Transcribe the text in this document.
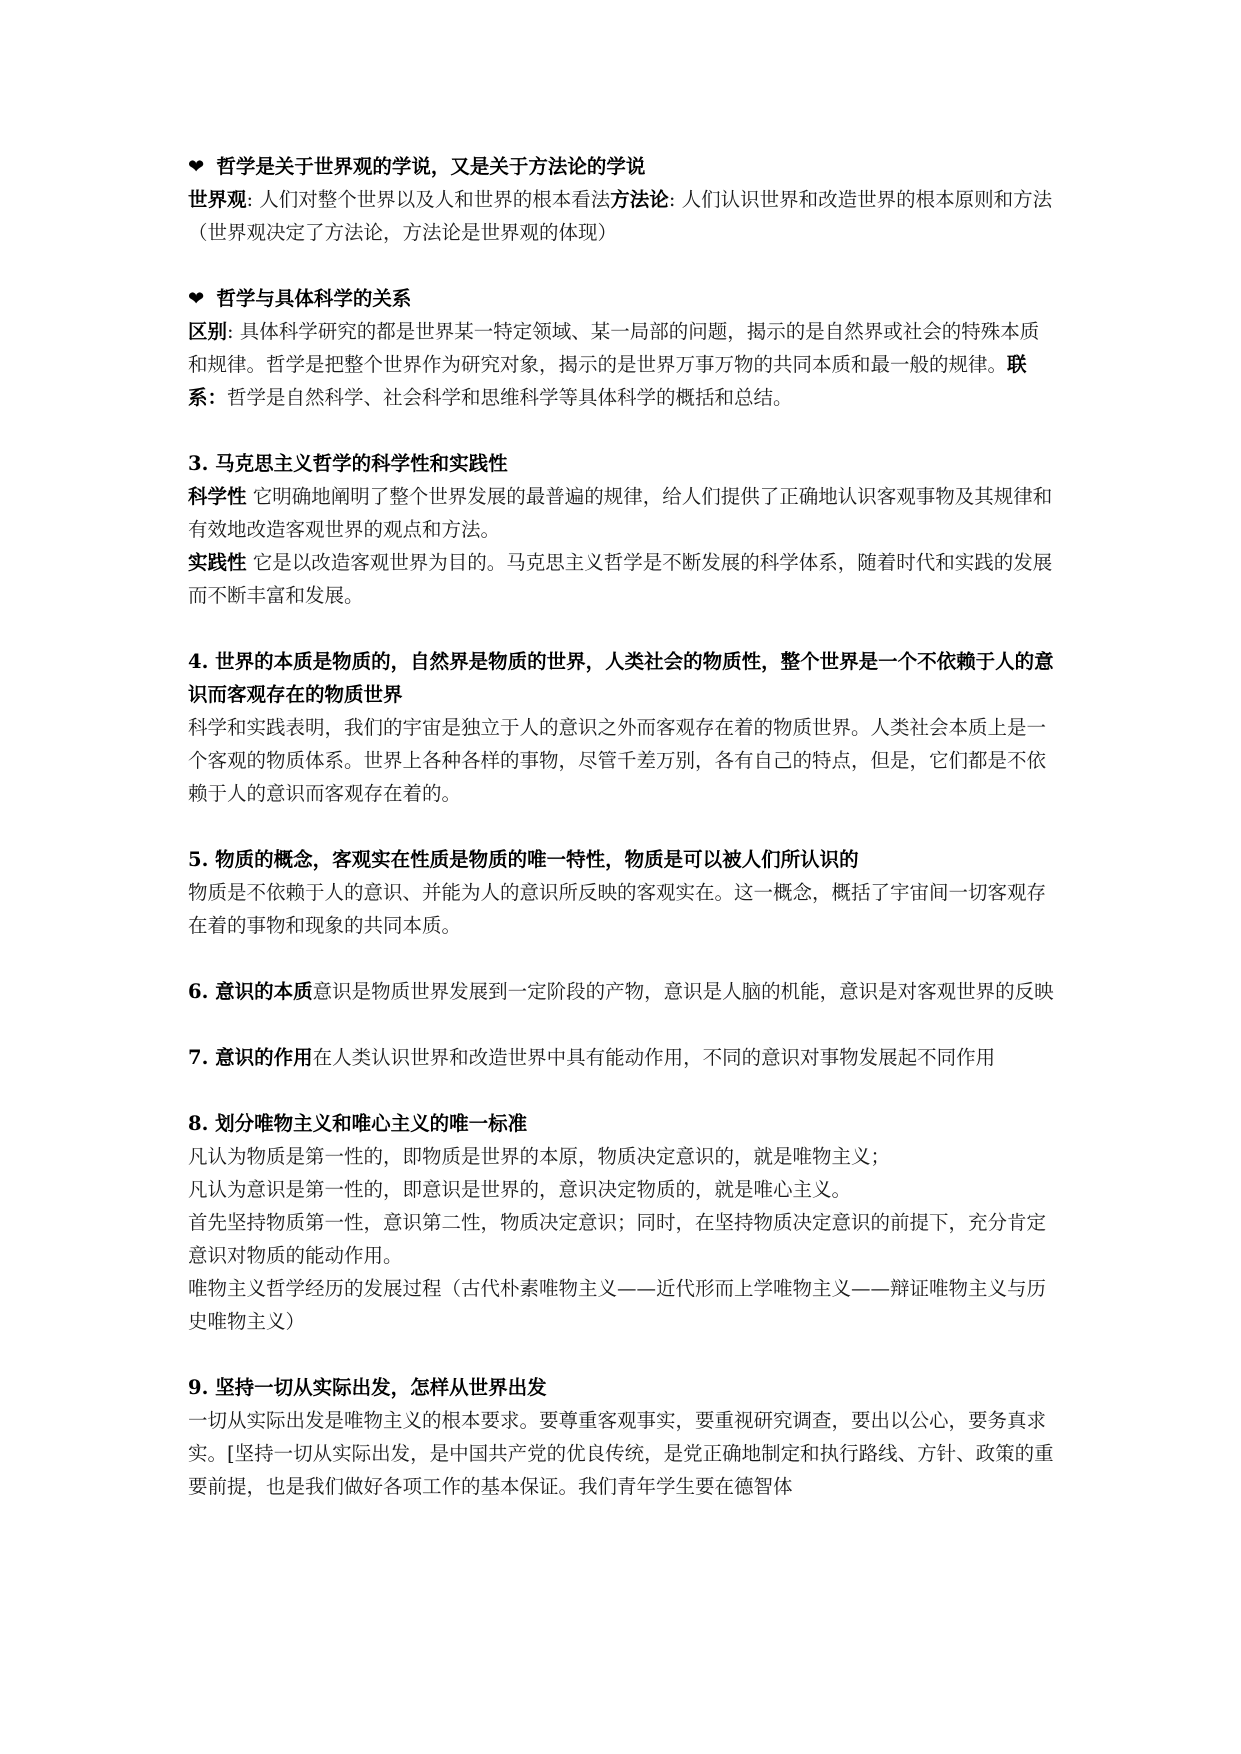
❤ 哲学是关于世界观的学说，又是关于方法论的学说
世界观: 人们对整个世界以及人和世界的根本看法方法论: 人们认识世界和改造世界的根本原则和方法
（世界观决定了方法论，方法论是世界观的体现）
❤ 哲学与具体科学的关系
区别: 具体科学研究的都是世界某一特定领域、某一局部的问题，揭示的是自然界或社会的特殊本质和规律。哲学是把整个世界作为研究对象，揭示的是世界万事万物的共同本质和最一般的规律。联系：哲学是自然科学、社会科学和思维科学等具体科学的概括和总结。
3. 马克思主义哲学的科学性和实践性
科学性 它明确地阐明了整个世界发展的最普遍的规律，给人们提供了正确地认识客观事物及其规律和有效地改造客观世界的观点和方法。
实践性 它是以改造客观世界为目的。马克思主义哲学是不断发展的科学体系，随着时代和实践的发展而不断丰富和发展。
4. 世界的本质是物质的，自然界是物质的世界，人类社会的物质性，整个世界是一个不依赖于人的意识而客观存在的物质世界
科学和实践表明，我们的宇宙是独立于人的意识之外而客观存在着的物质世界。人类社会本质上是一个客观的物质体系。世界上各种各样的事物，尽管千差万别，各有自己的特点，但是，它们都是不依赖于人的意识而客观存在着的。
5. 物质的概念，客观实在性质是物质的唯一特性，物质是可以被人们所认识的
物质是不依赖于人的意识、并能为人的意识所反映的客观实在。这一概念，概括了宇宙间一切客观存在着的事物和现象的共同本质。
6. 意识的本质意识是物质世界发展到一定阶段的产物，意识是人脑的机能，意识是对客观世界的反映
7. 意识的作用在人类认识世界和改造世界中具有能动作用，不同的意识对事物发展起不同作用
8. 划分唯物主义和唯心主义的唯一标准
凡认为物质是第一性的，即物质是世界的本原，物质决定意识的，就是唯物主义；
凡认为意识是第一性的，即意识是世界的，意识决定物质的，就是唯心主义。
首先坚持物质第一性，意识第二性，物质决定意识；同时，在坚持物质决定意识的前提下，充分肯定意识对物质的能动作用。
唯物主义哲学经历的发展过程（古代朴素唯物主义——近代形而上学唯物主义——辩证唯物主义与历史唯物主义）
9. 坚持一切从实际出发，怎样从世界出发
一切从实际出发是唯物主义的根本要求。要尊重客观事实，要重视研究调查，要出以公心，要务真求实。[坚持一切从实际出发，是中国共产党的优良传统，是党正确地制定和执行路线、方针、政策的重要前提，也是我们做好各项工作的基本保证。我们青年学生要在德智体
